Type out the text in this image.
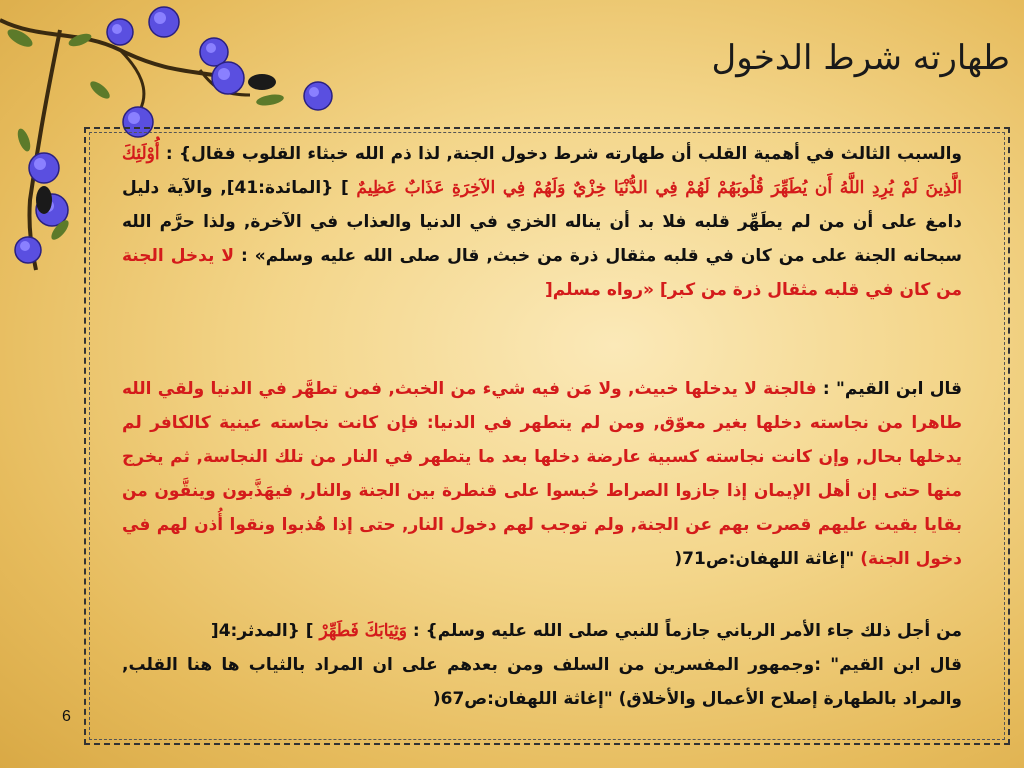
طهارته شرط الدخول
والسبب الثالث في أهمية القلب أن طهارته شرط دخول الجنة, لذا ذم الله خبثاء القلوب فقال} : أُوْلَئِكَ الَّذِينَ لَمْ يُرِدِ اللَّهُ أَن يُطَهِّرَ قُلُوبَهُمْ لَهُمْ فِي الدُّنْيَا خِزْيٌ وَلَهُمْ فِي الآخِرَةِ عَذَابٌ عَظِيمٌ ] {المائدة:41], والآية دليل دامغ على أن من لم يطَهِّر قلبه فلا بد أن يناله الخزي في الدنيا والعذاب في الآخرة, ولذا حرَّم الله سبحانه الجنة على من كان في قلبه مثقال ذرة من خبث, قال صلى الله عليه وسلم» : لا يدخل الجنة من كان في قلبه مثقال ذرة من كبر] «رواه مسلم[
قال ابن القيم" : فالجنة لا يدخلها خبيث, ولا مَن فيه شيء من الخبث, فمن تطهَّر في الدنيا ولقي الله طاهرا من نجاسته دخلها بغير معوّق, ومن لم يتطهر في الدنيا: فإن كانت نجاسته عينية كالكافر لم يدخلها بحال, وإن كانت نجاسته كسبية عارضة دخلها بعد ما يتطهر في النار من تلك النجاسة, ثم يخرج منها حتى إن أهل الإيمان إذا جازوا الصراط حُبسوا على قنطرة بين الجنة والنار, فيهَذَّبون وينقَّون من بقايا بقيت عليهم قصرت بهم عن الجنة, ولم توجب لهم دخول النار, حتى إذا هُذبوا ونقوا أُذن لهم في دخول الجنة) "إغاثة اللهفان:ص71(
من أجل ذلك جاء الأمر الرباني جازماً للنبي صلى الله عليه وسلم} : وَثِيَابَكَ فَطَهِّرْ ] {المدثر:4[
قال ابن القيم" :وجمهور المفسرين من السلف ومن بعدهم على ان المراد بالثياب ها هنا القلب, والمراد بالطهارة إصلاح الأعمال والأخلاق) "إغاثة اللهفان:ص67(
6
